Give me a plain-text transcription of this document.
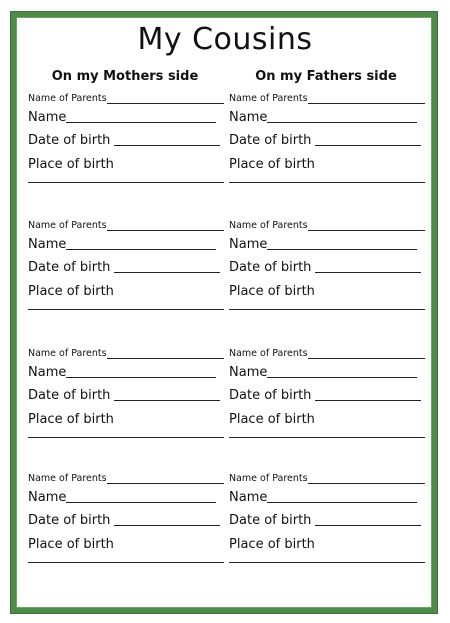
My Cousins
On my Mothers side	On my Fathers side
Name of Parents
Name
Date of birth
Place of birth
Name of Parents
Name
Date of birth
Place of birth
Name of Parents
Name
Date of birth
Place of birth
Name of Parents
Name
Date of birth
Place of birth
Name of Parents
Name
Date of birth
Place of birth
Name of Parents
Name
Date of birth
Place of birth
Name of Parents
Name
Date of birth
Place of birth
Name of Parents
Name
Date of birth
Place of birth
